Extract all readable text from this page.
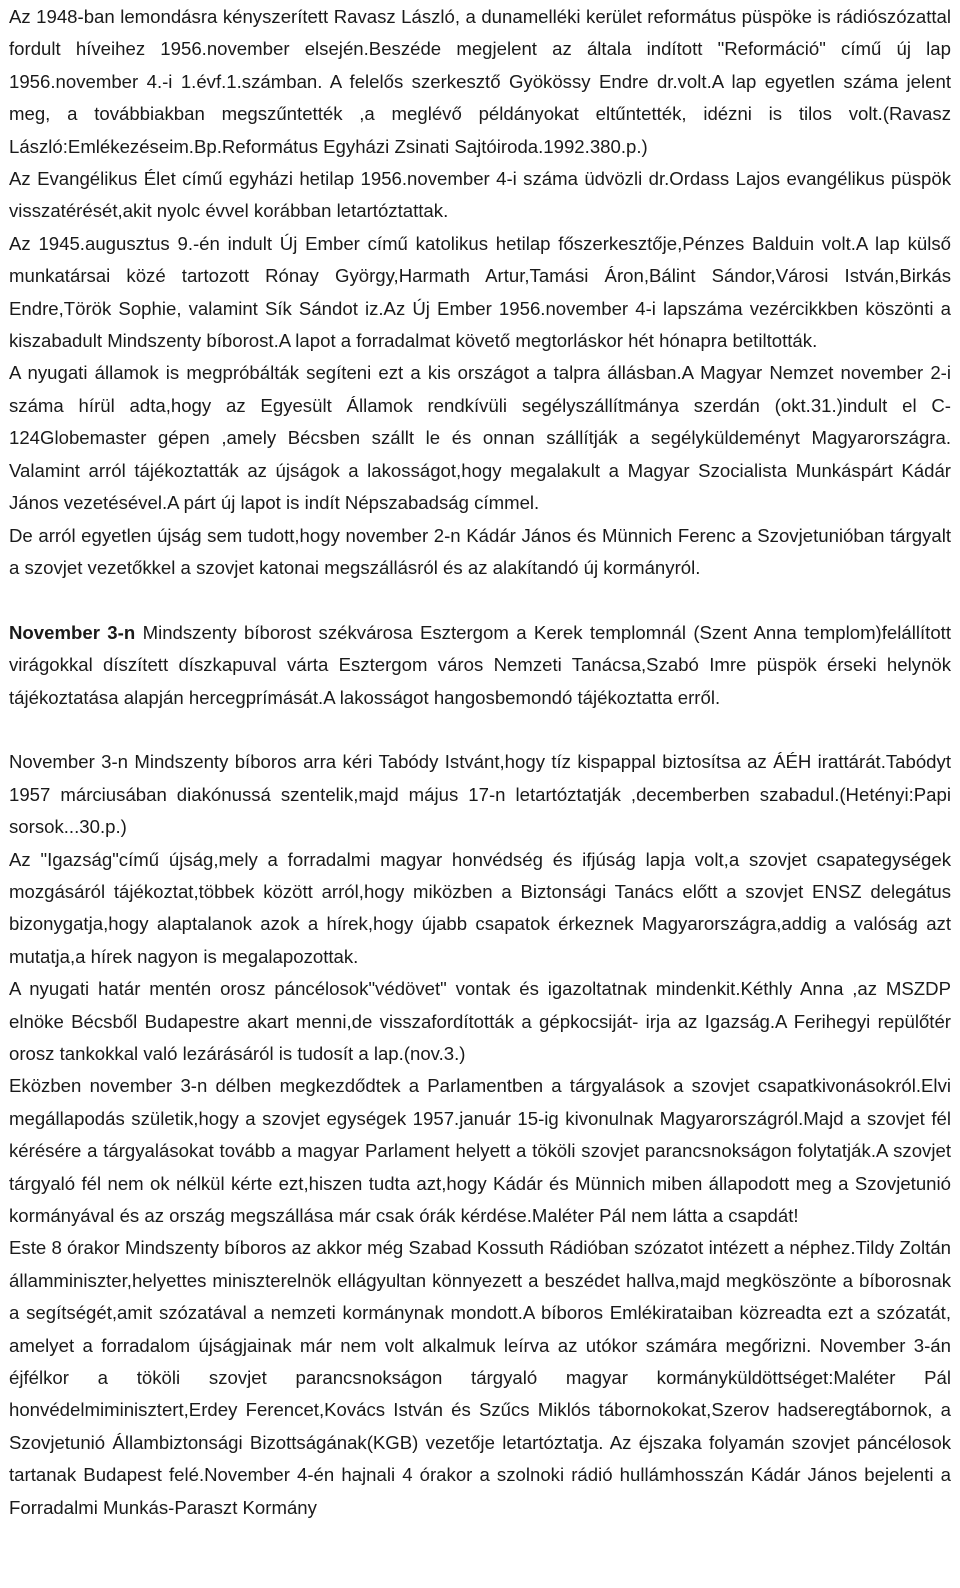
Az 1948-ban lemondásra kényszerített Ravasz László, a dunamelléki kerület református püspöke is rádiószózattal fordult híveihez 1956.november elsején.Beszéde megjelent az általa indított "Reformáció" című új lap 1956.november 4.-i 1.évf.1.számban. A felelős szerkesztő Gyökössy Endre dr.volt.A lap egyetlen száma jelent meg, a továbbiakban megszűntették ,a meglévő példányokat eltűntették, idézni is tilos volt.(Ravasz László:Emlékezéseim.Bp.Református Egyházi Zsinati Sajtóiroda.1992.380.p.)

Az Evangélikus Élet című egyházi hetilap 1956.november 4-i száma üdvözli dr.Ordass Lajos evangélikus püspök visszatérését,akit nyolc évvel korábban letartóztattak.

Az 1945.augusztus 9.-én indult Új Ember című katolikus hetilap főszerkesztője,Pénzes Balduin volt.A lap külső munkatársai közé tartozott Rónay György,Harmath Artur,Tamási Áron,Bálint Sándor,Városi István,Birkás Endre,Török Sophie, valamint Sík Sándot iz.Az Új Ember 1956.november 4-i lapszáma vezércikkben köszönti a kiszabadult Mindszenty bíborost.A lapot a forradalmat követő megtorláskor hét hónapra betiltották.

A nyugati államok is megpróbálták segíteni ezt a kis országot a talpra állásban.A Magyar Nemzet november 2-i száma hírül adta,hogy az Egyesült Államok rendkívüli segélyszállítmánya szerdán (okt.31.)indult el C-124Globemaster gépen ,amely Bécsben szállt le és onnan szállítják a segélyküldeményt Magyarországra. Valamint arról tájékoztatták az újságok a lakosságot,hogy megalakult a Magyar Szocialista Munkáspárt Kádár János vezetésével.A párt új lapot is indít Népszabadság címmel.

De arról egyetlen újság sem tudott,hogy november 2-n Kádár János és Münnich Ferenc a Szovjetunióban tárgyalt a szovjet vezetőkkel a szovjet katonai megszállásról és az alakítandó új kormányról.

November 3-n Mindszenty bíborost székvárosa Esztergom a Kerek templomnál (Szent Anna templom)felállított virágokkal díszített díszkapuval várta Esztergom város Nemzeti Tanácsa,Szabó Imre püspök érseki helynök tájékoztatása alapján hercegprímását.A lakosságot hangosbemondó tájékoztatta erről.

November 3-n Mindszenty bíboros arra kéri Tabódy Istvánt,hogy tíz kispappal biztosítsa az ÁÉH irattárát.Tabódyt 1957 márciusában diakónussá szentelik,majd május 17-n letartóztatják ,decemberben szabadul.(Hetényi:Papi sorsok...30.p.)

Az "Igazság"című újság,mely a forradalmi magyar honvédség és ifjúság lapja volt,a szovjet csapategységek mozgásáról tájékoztat,többek között arról,hogy miközben a Biztonsági Tanács előtt a szovjet ENSZ delegátus bizonygatja,hogy alaptalanok azok a hírek,hogy újabb csapatok érkeznek Magyarországra,addig a valóság azt mutatja,a hírek nagyon is megalapozottak.

A nyugati határ mentén orosz páncélosok"védövet" vontak és igazoltatnak mindenkit.Kéthly Anna ,az MSZDP elnöke Bécsből Budapestre akart menni,de visszafordították a gépkocsiját- irja az Igazság.A Ferihegyi repülőtér orosz tankokkal való lezárásáról is tudosít a lap.(nov.3.)

Eközben november 3-n délben megkezdődtek a Parlamentben a tárgyalások a szovjet csapatkivonásokról.Elvi megállapodás születik,hogy a szovjet egységek 1957.január 15-ig kivonulnak Magyarországról.Majd a szovjet fél kérésére a tárgyalásokat tovább a magyar Parlament helyett a tököli szovjet parancsnokságon folytatják.A szovjet tárgyaló fél nem ok nélkül kérte ezt,hiszen tudta azt,hogy Kádár és Münnich miben állapodott meg a Szovjetunió kormányával és az ország megszállása már csak órák kérdése.Maléter Pál nem látta a csapdát!

Este 8 órakor Mindszenty bíboros az akkor még Szabad Kossuth Rádióban szózatot intézett a néphez.Tildy Zoltán államminiszter,helyettes miniszterelnök ellágyultan könnyezett a beszédet hallva,majd megköszönte a bíborosnak a segítségét,amit szózatával a nemzeti kormánynak mondott.A bíboros Emlékirataiban közreadta ezt a szózatát, amelyet a forradalom újságjainak már nem volt alkalmuk leírva az utókor számára megőrizni. November 3-án éjfélkor a tököli szovjet parancsnokságon tárgyaló magyar kormányküldöttséget:Maléter Pál honvédelmiminisztert,Erdey Ferencet,Kovács István és Szűcs Miklós tábornokokat,Szerov hadseregtábornok, a Szovjetunió Állambiztonsági Bizottságának(KGB) vezetője letartóztatja. Az éjszaka folyamán szovjet páncélosok tartanak Budapest felé.November 4-én hajnali 4 órakor a szolnoki rádió hullámhosszán Kádár János bejelenti a Forradalmi Munkás-Paraszt Kormány
